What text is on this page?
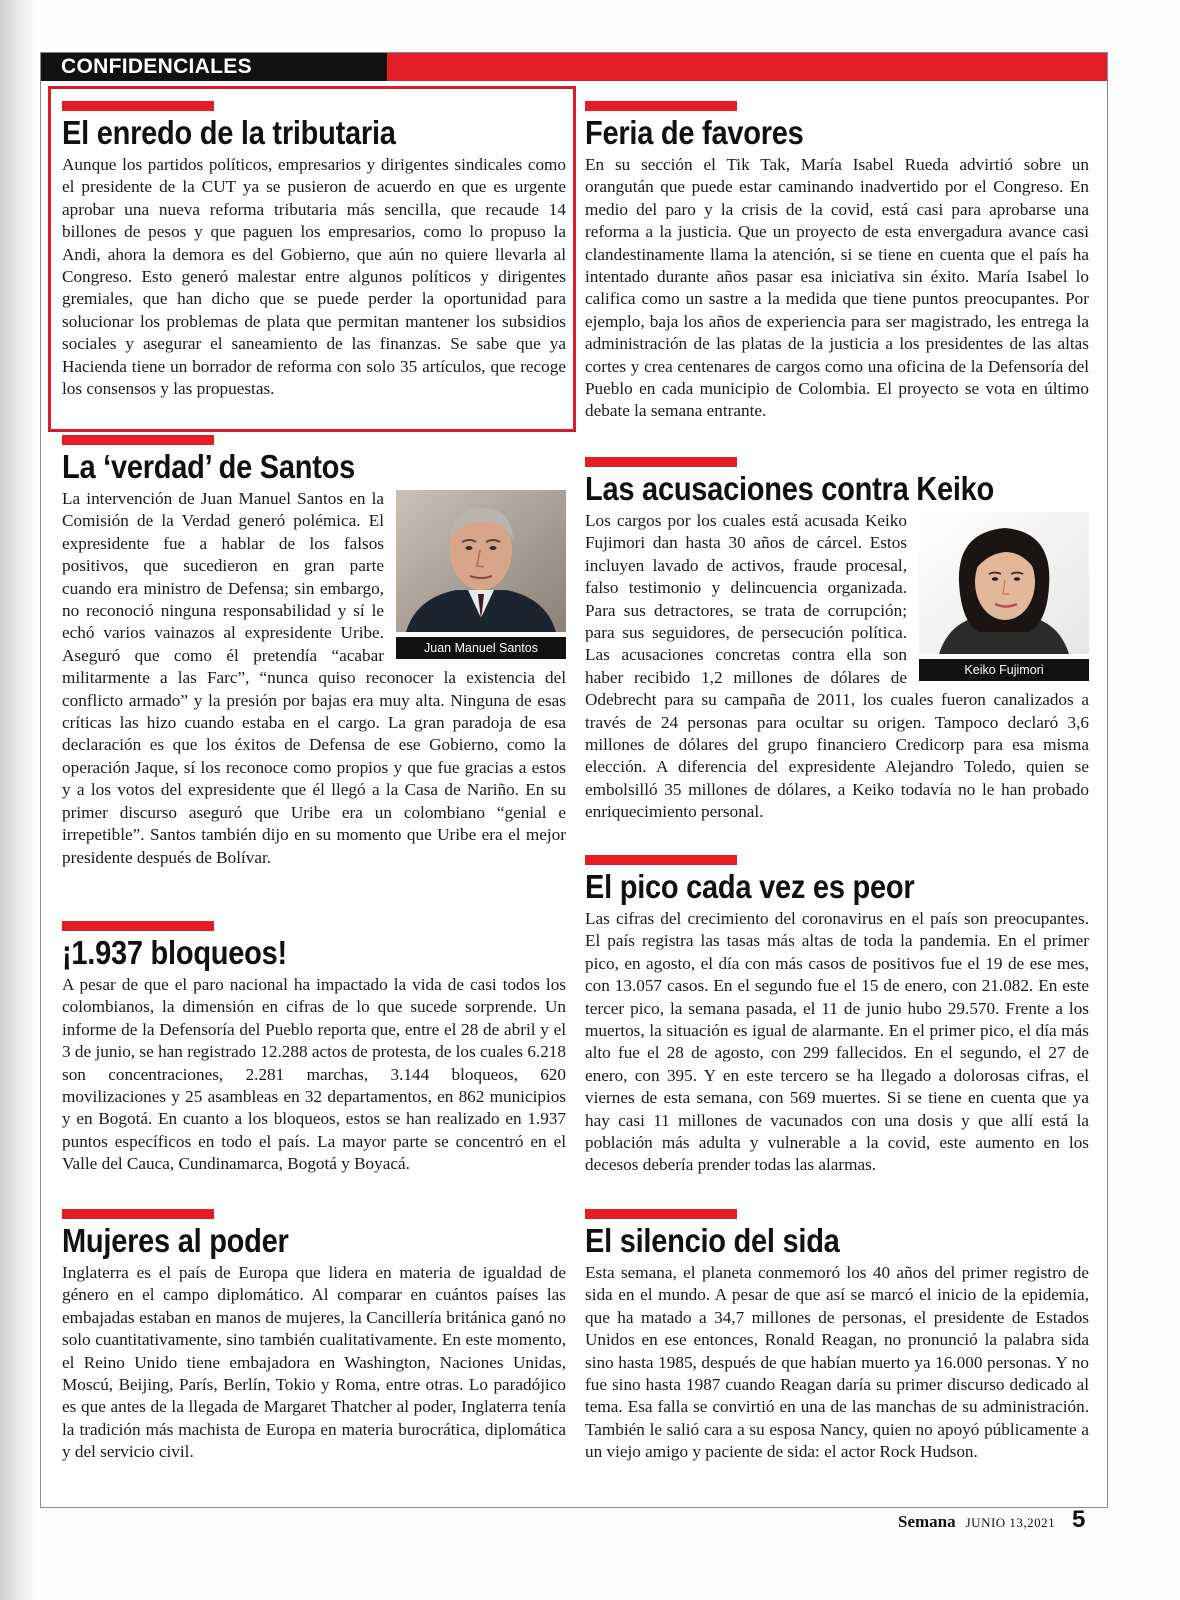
CONFIDENCIALES
El enredo de la tributaria

Aunque los partidos políticos, empresarios y dirigentes sindicales como el presidente de la CUT ya se pusieron de acuerdo en que es urgente aprobar una nueva reforma tributaria más sencilla, que recaude 14 billones de pesos y que paguen los empresarios, como lo propuso la Andi, ahora la demora es del Gobierno, que aún no quiere llevarla al Congreso. Esto generó malestar entre algunos políticos y dirigentes gremiales, que han dicho que se puede perder la oportunidad para solucionar los problemas de plata que permitan mantener los subsidios sociales y asegurar el saneamiento de las finanzas. Se sabe que ya Hacienda tiene un borrador de reforma con solo 35 artículos, que recoge los consensos y las propuestas.

La ‘verdad’ de Santos
Juan Manuel Santos

La intervención de Juan Manuel Santos en la Comisión de la Verdad generó polémica. El expresidente fue a hablar de los falsos positivos, que sucedieron en gran parte cuando era ministro de Defensa; sin embargo, no reconoció ninguna responsabilidad y sí le echó varios vainazos al expresidente Uribe. Aseguró que como él pretendía “acabar militarmente a las Farc”, “nunca quiso reconocer la existencia del conflicto armado” y la presión por bajas era muy alta. Ninguna de esas críticas las hizo cuando estaba en el cargo. La gran paradoja de esa declaración es que los éxitos de Defensa de ese Gobierno, como la operación Jaque, sí los reconoce como propios y que fue gracias a estos y a los votos del expresidente que él llegó a la Casa de Nariño. En su primer discurso aseguró que Uribe era un colombiano “genial e irrepetible”. Santos también dijo en su momento que Uribe era el mejor presidente después de Bolívar.

¡1.937 bloqueos!

A pesar de que el paro nacional ha impactado la vida de casi todos los colombianos, la dimensión en cifras de lo que sucede sorprende. Un informe de la Defensoría del Pueblo reporta que, entre el 28 de abril y el 3 de junio, se han registrado 12.288 actos de protesta, de los cuales 6.218 son concentraciones, 2.281 marchas, 3.144 bloqueos, 620 movilizaciones y 25 asambleas en 32 departamentos, en 862 municipios y en Bogotá. En cuanto a los bloqueos, estos se han realizado en 1.937 puntos específicos en todo el país. La mayor parte se concentró en el Valle del Cauca, Cundinamarca, Bogotá y Boyacá.

Mujeres al poder

Inglaterra es el país de Europa que lidera en materia de igualdad de género en el campo diplomático. Al comparar en cuántos países las embajadas estaban en manos de mujeres, la Cancillería británica ganó no solo cuantitativamente, sino también cualitativamente. En este momento, el Reino Unido tiene embajadora en Washington, Naciones Unidas, Moscú, Beijing, París, Berlín, Tokio y Roma, entre otras. Lo paradójico es que antes de la llegada de Margaret Thatcher al poder, Inglaterra tenía la tradición más machista de Europa en materia burocrática, diplomática y del servicio civil.

Feria de favores

En su sección el Tik Tak, María Isabel Rueda advirtió sobre un orangután que puede estar caminando inadvertido por el Congreso. En medio del paro y la crisis de la covid, está casi para aprobarse una reforma a la justicia. Que un proyecto de esta envergadura avance casi clandestinamente llama la atención, si se tiene en cuenta que el país ha intentado durante años pasar esa iniciativa sin éxito. María Isabel lo califica como un sastre a la medida que tiene puntos preocupantes. Por ejemplo, baja los años de experiencia para ser magistrado, les entrega la administración de las platas de la justicia a los presidentes de las altas cortes y crea centenares de cargos como una oficina de la Defensoría del Pueblo en cada municipio de Colombia. El proyecto se vota en último debate la semana entrante.

Las acusaciones contra Keiko
Keiko Fujimori

Los cargos por los cuales está acusada Keiko Fujimori dan hasta 30 años de cárcel. Estos incluyen lavado de activos, fraude procesal, falso testimonio y delincuencia organizada. Para sus detractores, se trata de corrupción; para sus seguidores, de persecución política. Las acusaciones concretas contra ella son haber recibido 1,2 millones de dólares de Odebrecht para su campaña de 2011, los cuales fueron canalizados a través de 24 personas para ocultar su origen. Tampoco declaró 3,6 millones de dólares del grupo financiero Credicorp para esa misma elección. A diferencia del expresidente Alejandro Toledo, quien se embolsilló 35 millones de dólares, a Keiko todavía no le han probado enriquecimiento personal.

El pico cada vez es peor

Las cifras del crecimiento del coronavirus en el país son preocupantes. El país registra las tasas más altas de toda la pandemia. En el primer pico, en agosto, el día con más casos de positivos fue el 19 de ese mes, con 13.057 casos. En el segundo fue el 15 de enero, con 21.082. En este tercer pico, la semana pasada, el 11 de junio hubo 29.570. Frente a los muertos, la situación es igual de alarmante. En el primer pico, el día más alto fue el 28 de agosto, con 299 fallecidos. En el segundo, el 27 de enero, con 395. Y en este tercero se ha llegado a dolorosas cifras, el viernes de esta semana, con 569 muertes. Si se tiene en cuenta que ya hay casi 11 millones de vacunados con una dosis y que allí está la población más adulta y vulnerable a la covid, este aumento en los decesos debería prender todas las alarmas.

El silencio del sida

Esta semana, el planeta conmemoró los 40 años del primer registro de sida en el mundo. A pesar de que así se marcó el inicio de la epidemia, que ha matado a 34,7 millones de personas, el presidente de Estados Unidos en ese entonces, Ronald Reagan, no pronunció la palabra sida sino hasta 1985, después de que habían muerto ya 16.000 personas. Y no fue sino hasta 1987 cuando Reagan daría su primer discurso dedicado al tema. Esa falla se convirtió en una de las manchas de su administración. También le salió cara a su esposa Nancy, quien no apoyó públicamente a un viejo amigo y paciente de sida: el actor Rock Hudson.

Semana JUNIO 13,2021 5
